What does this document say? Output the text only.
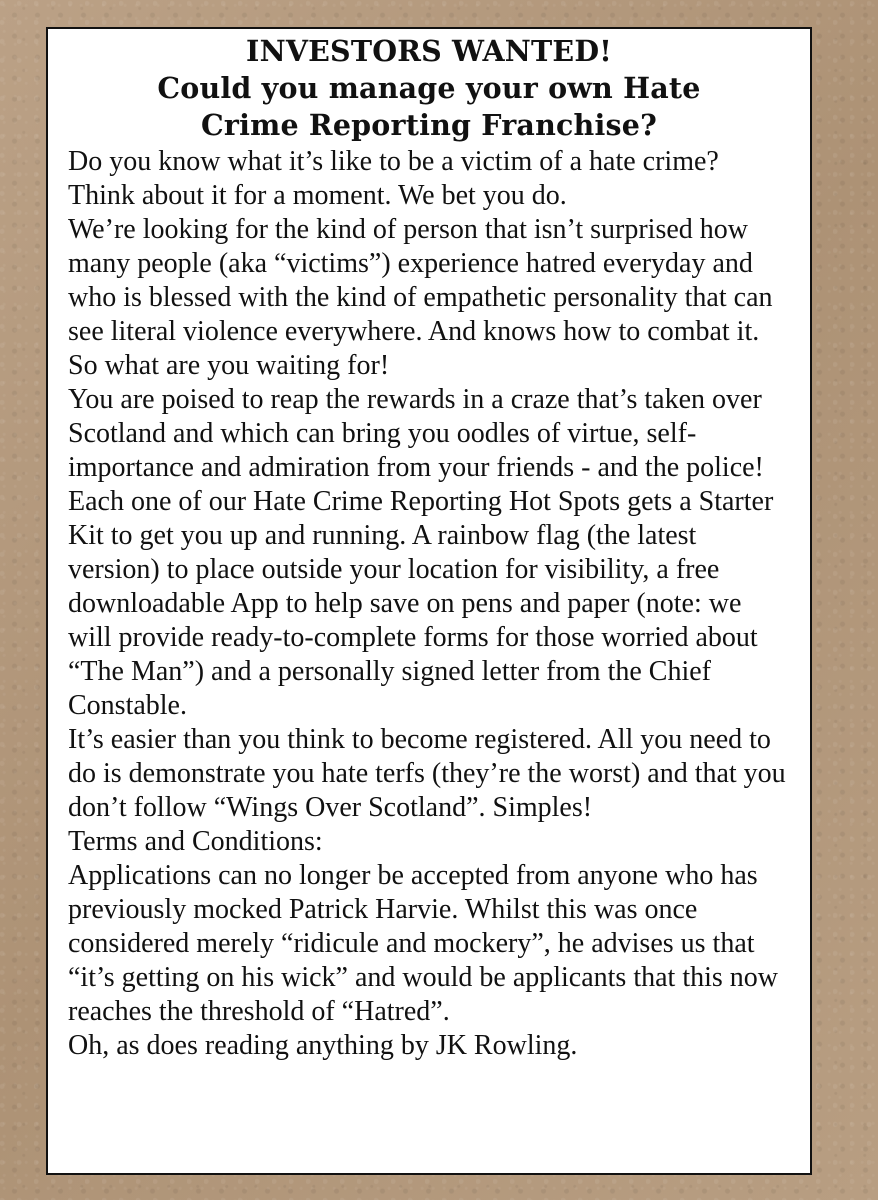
INVESTORS WANTED!
Could you manage your own Hate
Crime Reporting Franchise?

Do you know what it’s like to be a victim of a hate crime? Think about it for a moment. We bet you do.

We’re looking for the kind of person that isn’t surprised how many people (aka “victims”) experience hatred everyday and who is blessed with the kind of empathetic personality that can see literal violence everywhere. And knows how to combat it.

So what are you waiting for!

You are poised to reap the rewards in a craze that’s taken over Scotland and which can bring you oodles of virtue, self-importance and admiration from your friends - and the police!

Each one of our Hate Crime Reporting Hot Spots gets a Starter Kit to get you up and running. A rainbow flag (the latest version) to place outside your location for visibility, a free downloadable App to help save on pens and paper (note: we will provide ready-to-complete forms for those worried about “The Man”) and a personally signed letter from the Chief Constable.

It’s easier than you think to become registered. All you need to do is demonstrate you hate terfs (they’re the worst) and that you don’t follow “Wings Over Scotland”. Simples!

Terms and Conditions:

Applications can no longer be accepted from anyone who has previously mocked Patrick Harvie. Whilst this was once considered merely “ridicule and mockery”, he advises us that “it’s getting on his wick” and would be applicants that this now reaches the threshold of “Hatred”.

Oh, as does reading anything by JK Rowling.
